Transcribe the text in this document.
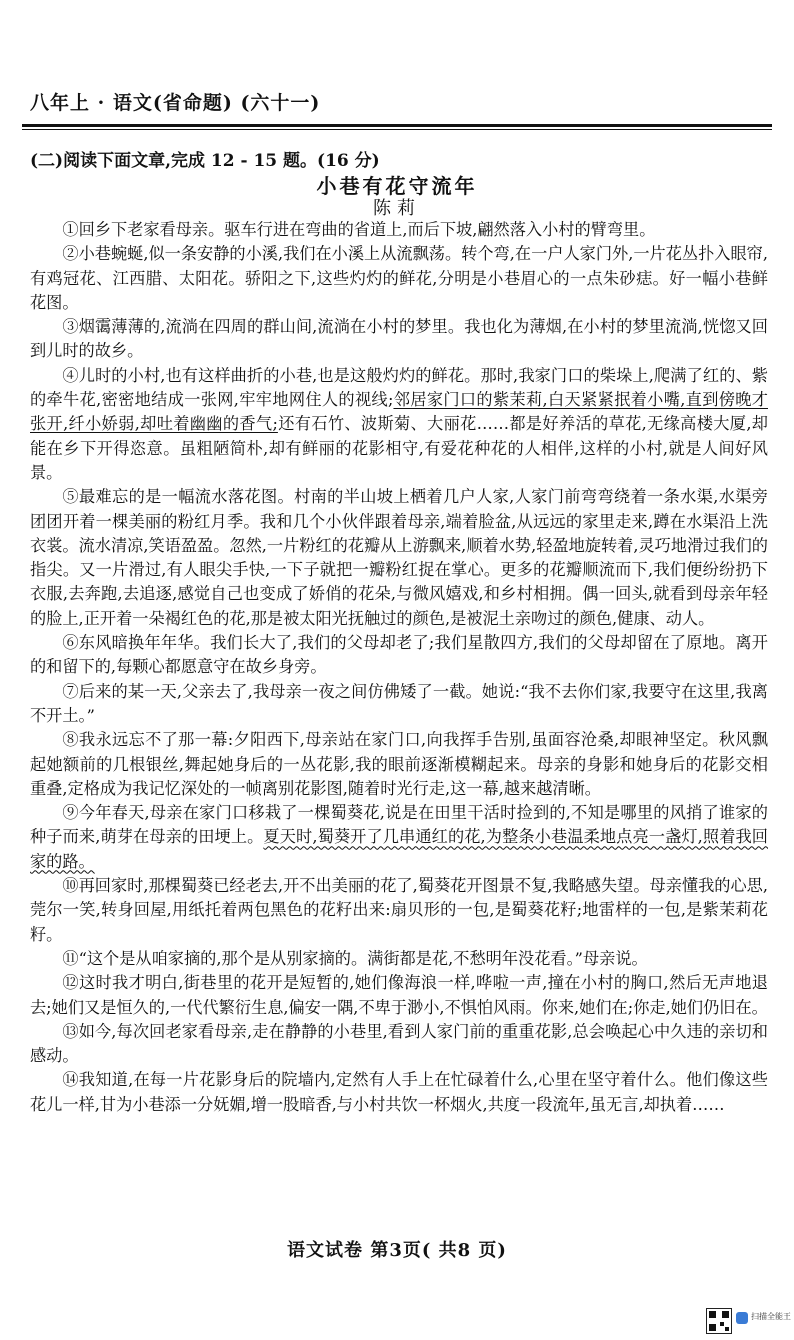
八年上 · 语文(省命题) (六十一)
(二)阅读下面文章,完成 12 - 15 题。(16 分)
小巷有花守流年
陈莉

①回乡下老家看母亲。驱车行进在弯曲的省道上,而后下坡,翩然落入小村的臂弯里。

②小巷蜿蜒,似一条安静的小溪,我们在小溪上从流飘荡。转个弯,在一户人家门外,一片花丛扑入眼帘,有鸡冠花、江西腊、太阳花。骄阳之下,这些灼灼的鲜花,分明是小巷眉心的一点朱砂痣。好一幅小巷鲜花图。

③烟霭薄薄的,流淌在四周的群山间,流淌在小村的梦里。我也化为薄烟,在小村的梦里流淌,恍惚又回到儿时的故乡。

④儿时的小村,也有这样曲折的小巷,也是这般灼灼的鲜花。那时,我家门口的柴垛上,爬满了红的、紫的牵牛花,密密地结成一张网,牢牢地网住人的视线;邻居家门口的紫茉莉,白天紧紧抿着小嘴,直到傍晚才张开,纤小娇弱,却吐着幽幽的香气;还有石竹、波斯菊、大丽花……都是好养活的草花,无缘高楼大厦,却能在乡下开得恣意。虽粗陋简朴,却有鲜丽的花影相守,有爱花种花的人相伴,这样的小村,就是人间好风景。

⑤最难忘的是一幅流水落花图。村南的半山坡上栖着几户人家,人家门前弯弯绕着一条水渠,水渠旁团团开着一棵美丽的粉红月季。我和几个小伙伴跟着母亲,端着脸盆,从远远的家里走来,蹲在水渠沿上洗衣裳。流水清凉,笑语盈盈。忽然,一片粉红的花瓣从上游飘来,顺着水势,轻盈地旋转着,灵巧地滑过我们的指尖。又一片滑过,有人眼尖手快,一下子就把一瓣粉红捉在掌心。更多的花瓣顺流而下,我们便纷纷扔下衣服,去奔跑,去追逐,感觉自己也变成了娇俏的花朵,与微风嬉戏,和乡村相拥。偶一回头,就看到母亲年轻的脸上,正开着一朵褐红色的花,那是被太阳光抚触过的颜色,是被泥土亲吻过的颜色,健康、动人。

⑥东风暗换年年华。我们长大了,我们的父母却老了;我们星散四方,我们的父母却留在了原地。离开的和留下的,每颗心都愿意守在故乡身旁。

⑦后来的某一天,父亲去了,我母亲一夜之间仿佛矮了一截。她说:“我不去你们家,我要守在这里,我离不开土。”

⑧我永远忘不了那一幕:夕阳西下,母亲站在家门口,向我挥手告别,虽面容沧桑,却眼神坚定。秋风飘起她额前的几根银丝,舞起她身后的一丛花影,我的眼前逐渐模糊起来。母亲的身影和她身后的花影交相重叠,定格成为我记忆深处的一帧离别花影图,随着时光行走,这一幕,越来越清晰。

⑨今年春天,母亲在家门口移栽了一棵蜀葵花,说是在田里干活时捡到的,不知是哪里的风捎了谁家的种子而来,萌芽在母亲的田埂上。夏天时,蜀葵开了几串通红的花,为整条小巷温柔地点亮一盏灯,照着我回家的路。

⑩再回家时,那棵蜀葵已经老去,开不出美丽的花了,蜀葵花开图景不复,我略感失望。母亲懂我的心思,莞尔一笑,转身回屋,用纸托着两包黑色的花籽出来:扇贝形的一包,是蜀葵花籽;地雷样的一包,是紫茉莉花籽。

⑪“这个是从咱家摘的,那个是从别家摘的。满街都是花,不愁明年没花看。”母亲说。

⑫这时我才明白,街巷里的花开是短暂的,她们像海浪一样,哗啦一声,撞在小村的胸口,然后无声地退去;她们又是恒久的,一代代繁衍生息,偏安一隅,不卑于渺小,不惧怕风雨。你来,她们在;你走,她们仍旧在。

⑬如今,每次回老家看母亲,走在静静的小巷里,看到人家门前的重重花影,总会唤起心中久违的亲切和感动。

⑭我知道,在每一片花影身后的院墙内,定然有人手上在忙碌着什么,心里在坚守着什么。他们像这些花儿一样,甘为小巷添一分妩媚,增一股暗香,与小村共饮一杯烟火,共度一段流年,虽无言,却执着……

语文试卷 第3页( 共8 页)
扫描全能王
